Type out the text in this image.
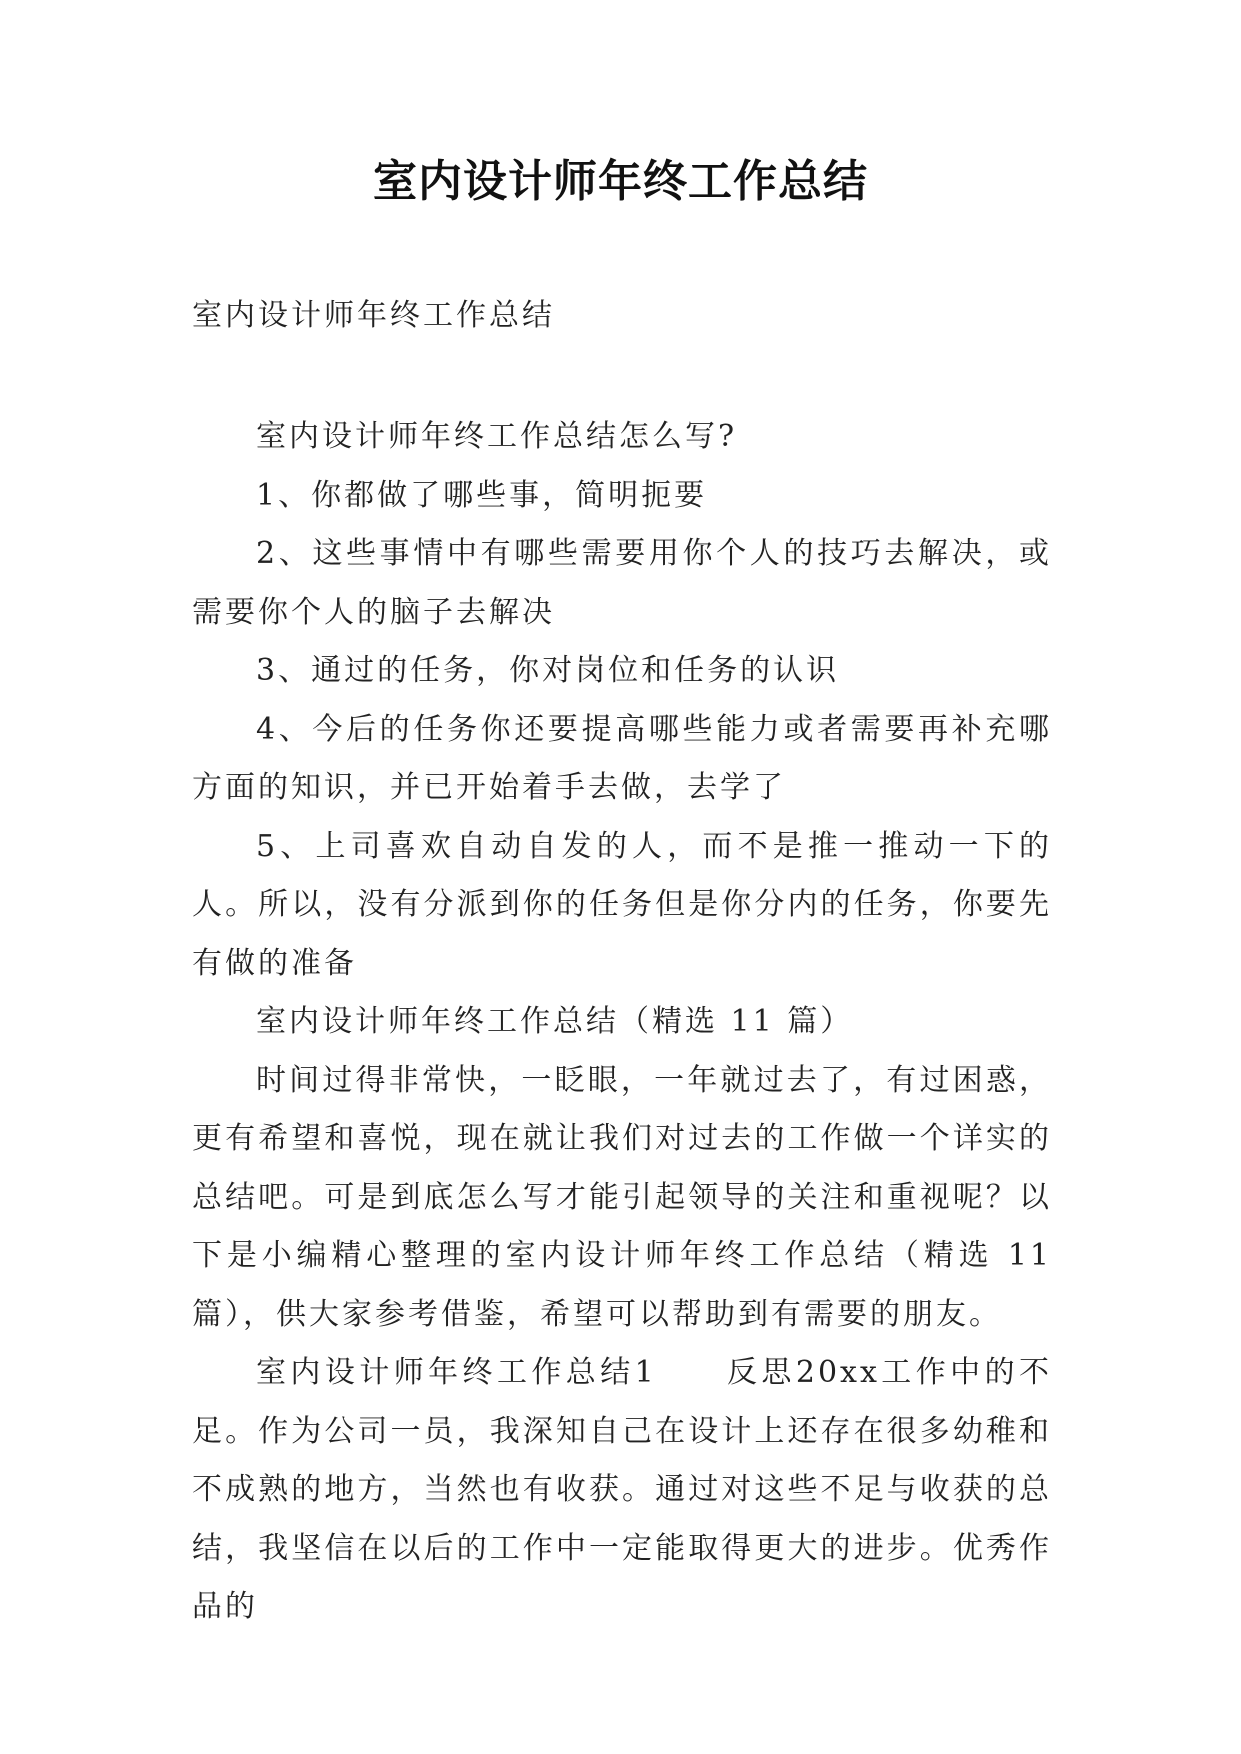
室内设计师年终工作总结
室内设计师年终工作总结

室内设计师年终工作总结怎么写?

1、你都做了哪些事，简明扼要

2、这些事情中有哪些需要用你个人的技巧去解决，或需要你个人的脑子去解决

3、通过的任务，你对岗位和任务的认识

4、今后的任务你还要提高哪些能力或者需要再补充哪方面的知识，并已开始着手去做，去学了

5、上司喜欢自动自发的人，而不是推一推动一下的人。所以，没有分派到你的任务但是你分内的任务，你要先有做的准备

室内设计师年终工作总结（精选 11 篇）

时间过得非常快，一眨眼，一年就过去了，有过困惑，更有希望和喜悦，现在就让我们对过去的工作做一个详实的总结吧。可是到底怎么写才能引起领导的关注和重视呢？以下是小编精心整理的室内设计师年终工作总结（精选 11 篇），供大家参考借鉴，希望可以帮助到有需要的朋友。

室内设计师年终工作总结1　　反思20xx工作中的不足。作为公司一员，我深知自己在设计上还存在很多幼稚和不成熟的地方，当然也有收获。通过对这些不足与收获的总结，我坚信在以后的工作中一定能取得更大的进步。优秀作品的
